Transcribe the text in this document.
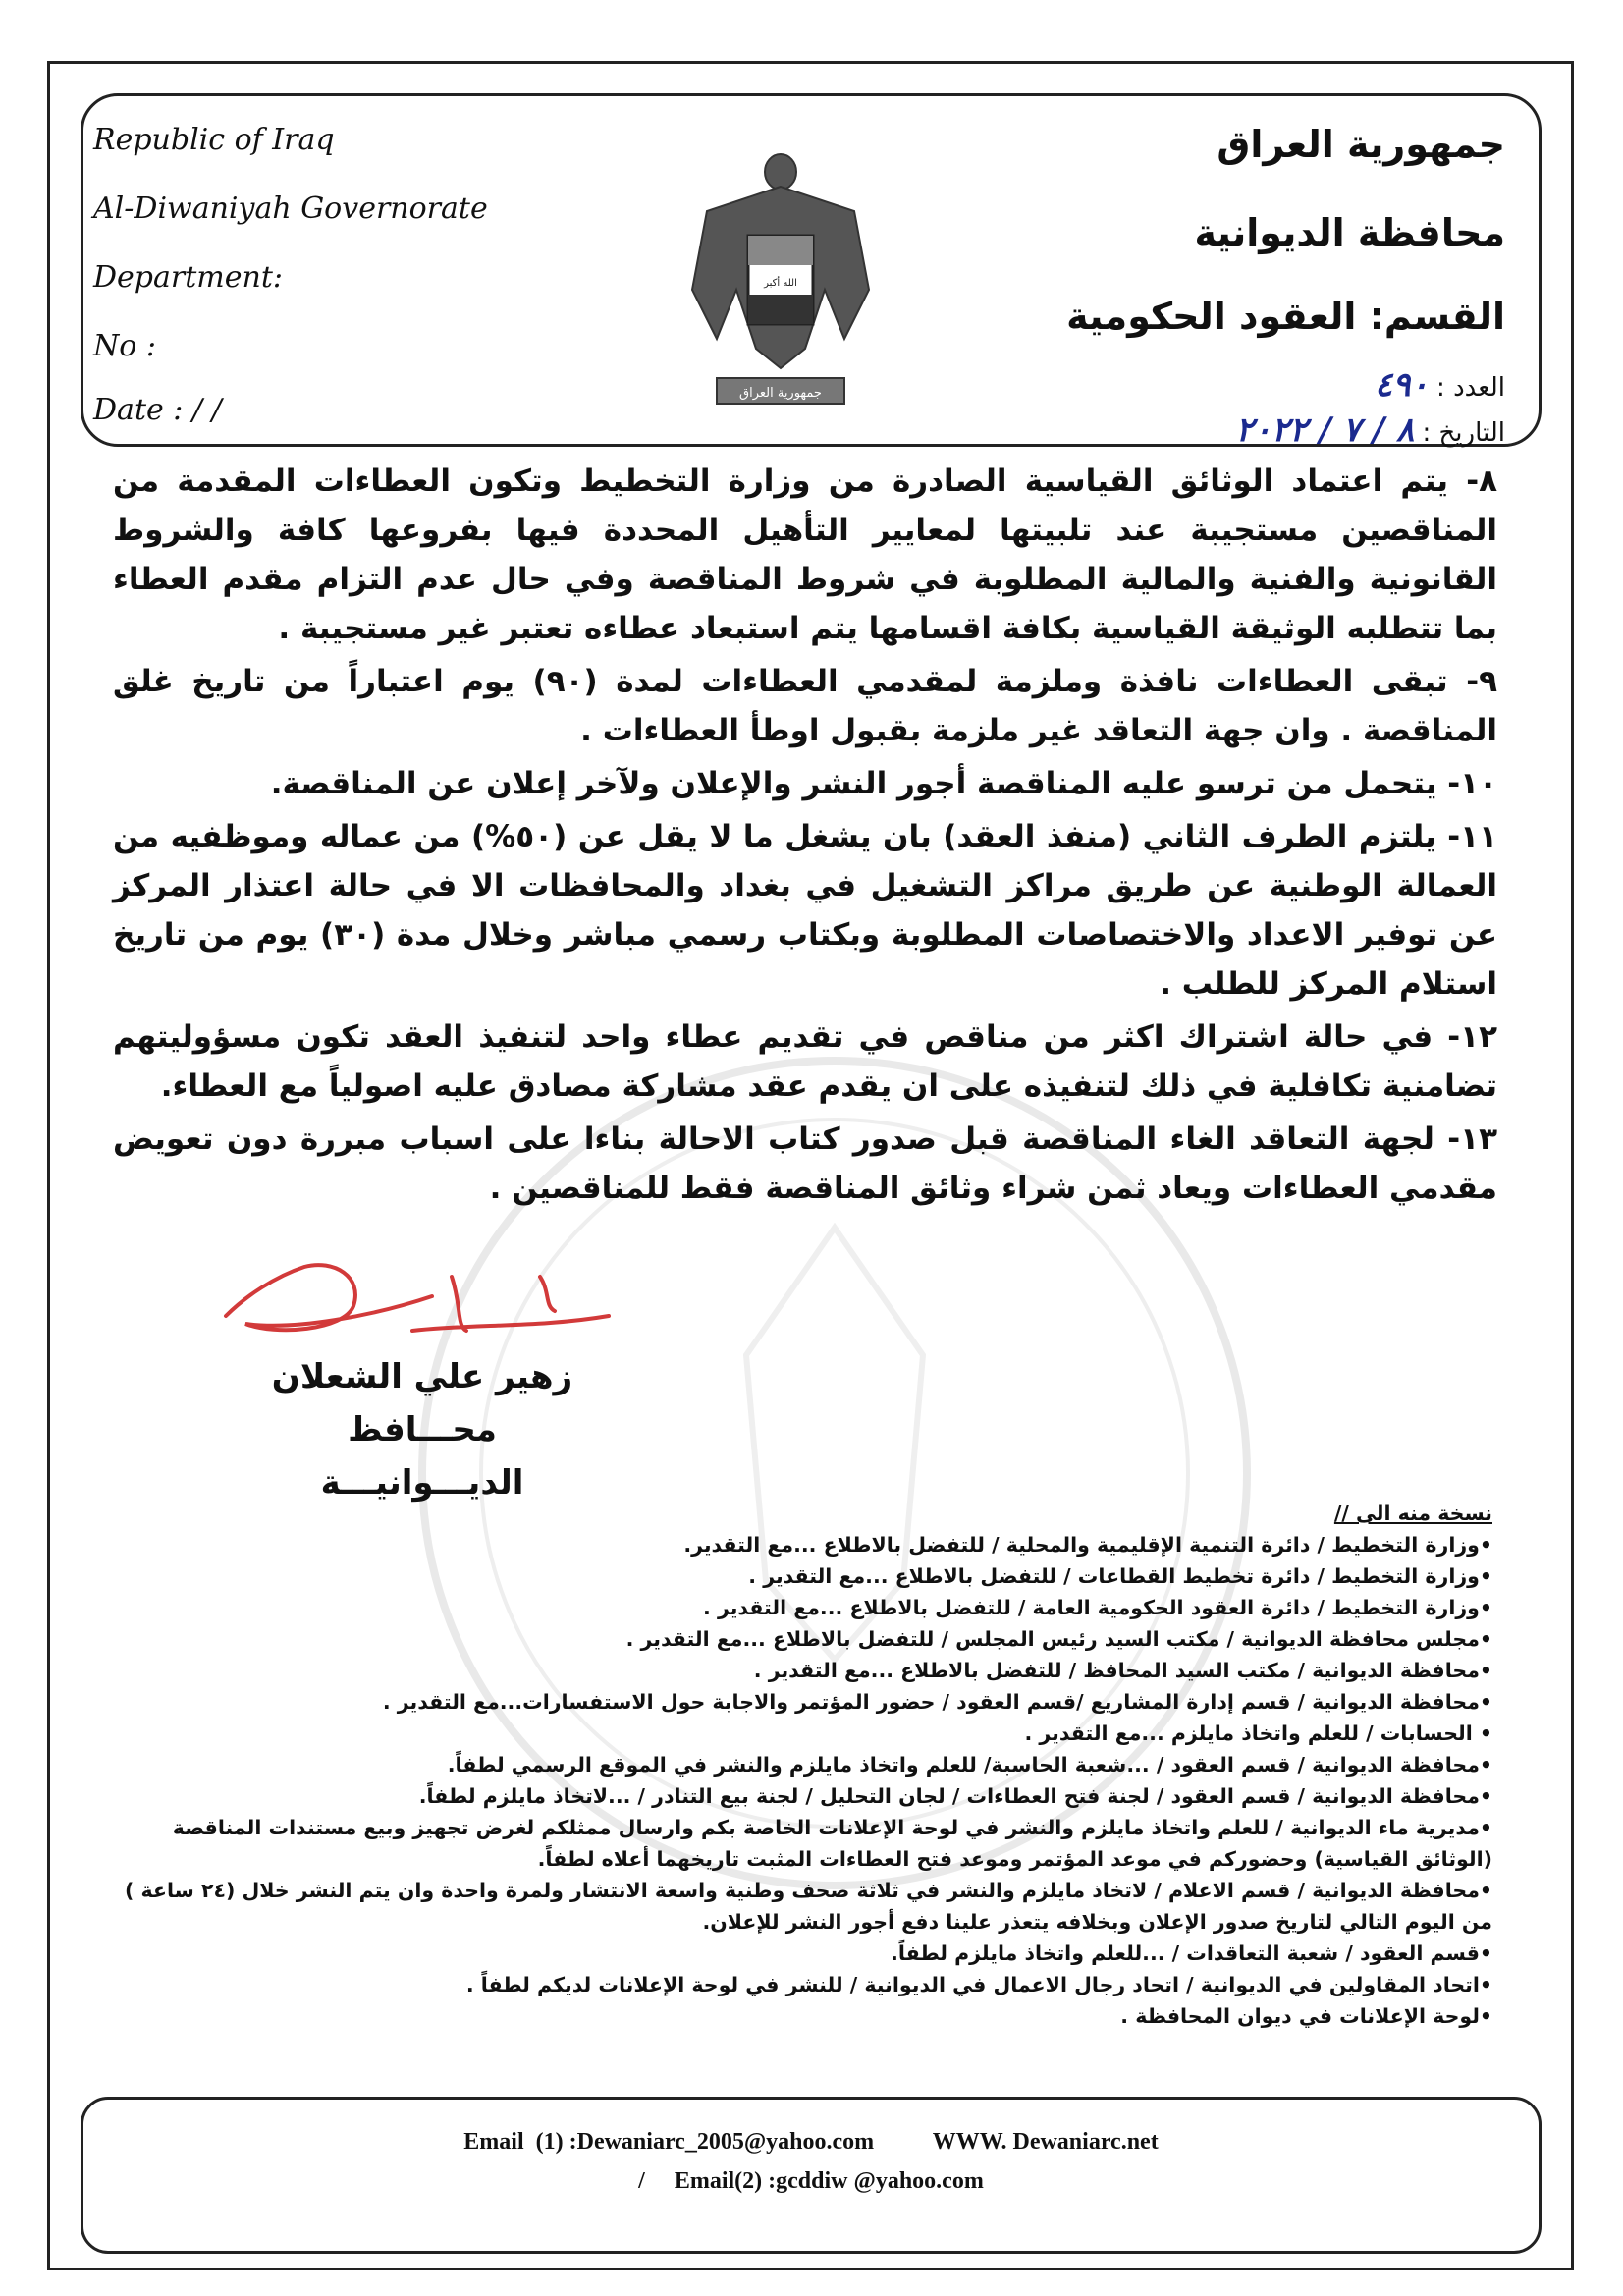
Republic of Iraq
Al-Diwaniyah Governorate
Department:
No :
Date : / /
الله أكبر
جمهورية العراق
جمهورية العراق
محافظة الديوانية
القسم: العقود الحكومية
العدد : ٤٩٠
التاريخ : ٨ / ٧ / ٢٠٢٢

٨- يتم اعتماد الوثائق القياسية الصادرة من وزارة التخطيط وتكون العطاءات المقدمة من المناقصين مستجيبة عند تلبيتها لمعايير التأهيل المحددة فيها بفروعها كافة والشروط القانونية والفنية والمالية المطلوبة في شروط المناقصة وفي حال عدم التزام مقدم العطاء بما تتطلبه الوثيقة القياسية بكافة اقسامها يتم استبعاد عطاءه تعتبر غير مستجيبة .

٩- تبقى العطاءات نافذة وملزمة لمقدمي العطاءات لمدة (٩٠) يوم اعتباراً من تاريخ غلق المناقصة . وان جهة التعاقد غير ملزمة بقبول اوطأ العطاءات .

١٠- يتحمل من ترسو عليه المناقصة أجور النشر والإعلان ولآخر إعلان عن المناقصة.

١١- يلتزم الطرف الثاني (منفذ العقد) بان يشغل ما لا يقل عن (٥٠%) من عماله وموظفيه من العمالة الوطنية عن طريق مراكز التشغيل في بغداد والمحافظات الا في حالة اعتذار المركز عن توفير الاعداد والاختصاصات المطلوبة وبكتاب رسمي مباشر وخلال مدة (٣٠) يوم من تاريخ استلام المركز للطلب .

١٢- في حالة اشتراك اكثر من مناقص في تقديم عطاء واحد لتنفيذ العقد تكون مسؤوليتهم تضامنية تكافلية في ذلك لتنفيذه على ان يقدم عقد مشاركة مصادق عليه اصولياً مع العطاء.

١٣- لجهة التعاقد الغاء المناقصة قبل صدور كتاب الاحالة بناءا على اسباب مبررة دون تعويض مقدمي العطاءات ويعاد ثمن شراء وثائق المناقصة فقط للمناقصين .

زهير علي الشعلان
محـــافظ الديـــوانيـــة
نسخة منه الى //
•وزارة التخطيط / دائرة التنمية الإقليمية والمحلية / للتفضل بالاطلاع ...مع التقدير.
•وزارة التخطيط / دائرة تخطيط القطاعات / للتفضل بالاطلاع ...مع التقدير .
•وزارة التخطيط / دائرة العقود الحكومية العامة / للتفضل بالاطلاع ...مع التقدير .
•مجلس محافظة الديوانية / مكتب السيد رئيس المجلس / للتفضل بالاطلاع ...مع التقدير .
•محافظة الديوانية / مكتب السيد المحافظ / للتفضل بالاطلاع ...مع التقدير .
•محافظة الديوانية / قسم إدارة المشاريع /قسم العقود / حضور المؤتمر والاجابة حول الاستفسارات...مع التقدير .
• الحسابات / للعلم واتخاذ مايلزم ...مع التقدير .
•محافظة الديوانية / قسم العقود / ...شعبة الحاسبة/ للعلم واتخاذ مايلزم والنشر في الموقع الرسمي لطفاً.
•محافظة الديوانية / قسم العقود / لجنة فتح العطاءات / لجان التحليل / لجنة بيع التنادر / ...لاتخاذ مايلزم لطفاً.
•مديرية ماء الديوانية / للعلم واتخاذ مايلزم والنشر في لوحة الإعلانات الخاصة بكم وارسال ممثلكم لغرض تجهيز وبيع مستندات المناقصة (الوثائق القياسية) وحضوركم في موعد المؤتمر وموعد فتح العطاءات المثبت تاريخهما أعلاه لطفاً.
•محافظة الديوانية / قسم الاعلام / لاتخاذ مايلزم والنشر في ثلاثة صحف وطنية واسعة الانتشار ولمرة واحدة وان يتم النشر خلال (٢٤ ساعة ) من اليوم التالي لتاريخ صدور الإعلان وبخلافه يتعذر علينا دفع أجور النشر للإعلان.
•قسم العقود / شعبة التعاقدات / ...للعلم واتخاذ مايلزم لطفاً.
•اتحاد المقاولين في الديوانية / اتحاد رجال الاعمال في الديوانية / للنشر في لوحة الإعلانات لديكم لطفاً .
•لوحة الإعلانات في ديوان المحافظة .
Email  (1) :Dewaniarc_2005@yahoo.com          WWW. Dewaniarc.net
/     Email(2) :gcddiw @yahoo.com
